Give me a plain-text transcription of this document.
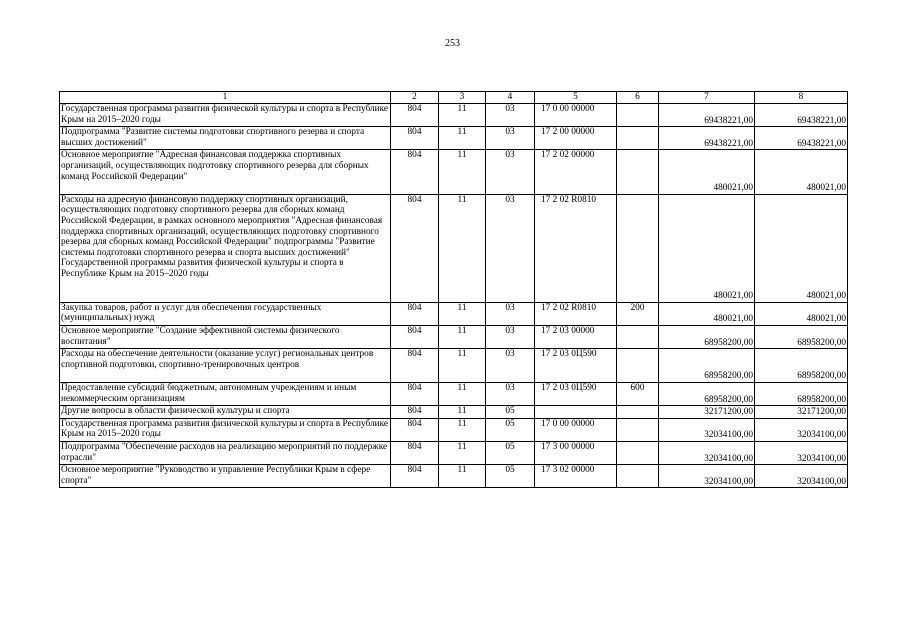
253
1	2	3	4	5	6	7	8
Государственная программа развития физической культуры и спорта в Республике Крым на 2015–2020 годы	804	11	03	17 0 00 00000		69438221,00	69438221,00
Подпрограмма "Развитие системы подготовки спортивного резерва и спорта высших достижений"	804	11	03	17 2 00 00000		69438221,00	69438221,00
Основное мероприятие "Адресная финансовая поддержка спортивных организаций, осуществляющих подготовку спортивного резерва для сборных команд Российской Федерации"	804	11	03	17 2 02 00000		480021,00	480021,00
Расходы на адресную финансовую поддержку спортивных организаций, осуществляющих подготовку спортивного резерва для сборных команд Российской Федерации, в рамках основного мероприятия "Адресная финансовая поддержка спортивных организаций, осуществляющих подготовку спортивного резерва для сборных команд Российской Федерации" подпрограммы "Развитие системы подготовки спортивного резерва и спорта высших достижений" Государственной программы развития физической культуры и спорта в Республике Крым на 2015–2020 годы	804	11	03	17 2 02 R0810		480021,00	480021,00
Закупка товаров, работ и услуг для обеспечения государственных (муниципальных) нужд	804	11	03	17 2 02 R0810	200	480021,00	480021,00
Основное мероприятие "Создание эффективной системы физического воспитания"	804	11	03	17 2 03 00000		68958200,00	68958200,00
Расходы на обеспечение деятельности (оказание услуг) региональных центров спортивной подготовки, спортивно-тренировочных центров	804	11	03	17 2 03 0Ц590		68958200,00	68958200,00
Предоставление субсидий бюджетным, автономным учреждениям и иным некоммерческим организациям	804	11	03	17 2 03 0Ц590	600	68958200,00	68958200,00
Другие вопросы в области физической культуры и спорта	804	11	05			32171200,00	32171200,00
Государственная программа развития физической культуры и спорта в Республике Крым на 2015–2020 годы	804	11	05	17 0 00 00000		32034100,00	32034100,00
Подпрограмма "Обеспечение расходов на реализацию мероприятий по поддержке отрасли"	804	11	05	17 3 00 00000		32034100,00	32034100,00
Основное мероприятие "Руководство и управление Республики Крым в сфере спорта"	804	11	05	17 3 02 00000		32034100,00	32034100,00
